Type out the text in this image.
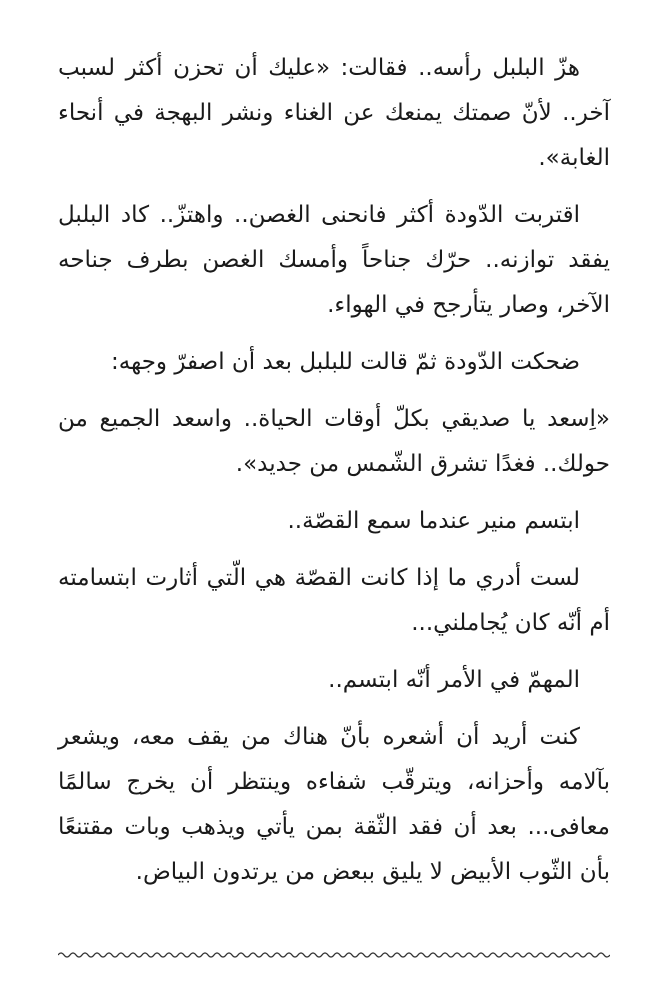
هزّ البلبل رأسه.. فقالت: «عليك أن تحزن أكثر لسبب آخر.. لأنّ صمتك يمنعك عن الغناء ونشر البهجة في أنحاء الغابة».

اقتربت الدّودة أكثر فانحنى الغصن.. واهتزّ.. كاد البلبل يفقد توازنه.. حرّك جناحاً وأمسك الغصن بطرف جناحه الآخر، وصار يتأرجح في الهواء.

ضحكت الدّودة ثمّ قالت للبلبل بعد أن اصفرّ وجهه:

«اِسعد يا صديقي بكلّ أوقات الحياة.. واسعد الجميع من حولك.. فغدًا تشرق الشّمس من جديد».

ابتسم منير عندما سمع القصّة..

لست أدري ما إذا كانت القصّة هي الّتي أثارت ابتسامته أم أنّه كان يُجاملني...

المهمّ في الأمر أنّه ابتسم..

كنت أريد أن أشعره بأنّ هناك من يقف معه، ويشعر بآلامه وأحزانه، ويترقّب شفاءه وينتظر أن يخرج سالمًا معافى... بعد أن فقد الثّقة بمن يأتي ويذهب وبات مقتنعًا بأن الثّوب الأبيض لا يليق ببعض من يرتدون البياض.
